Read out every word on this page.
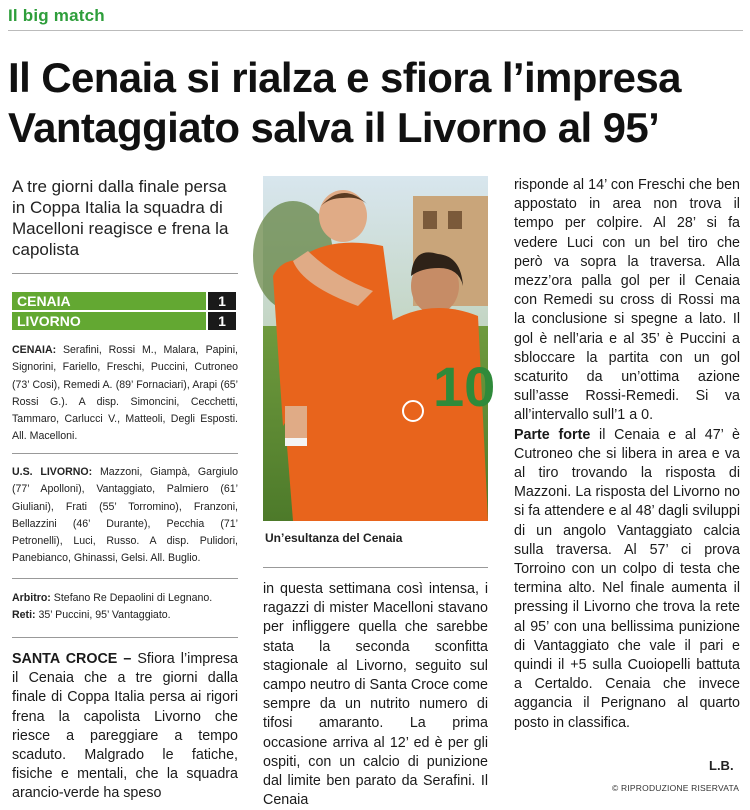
Il big match
Il Cenaia si rialza e sfiora l’impresa
Vantaggiato salva il Livorno al 95’
A tre giorni dalla finale persa in Coppa Italia la squadra di Macelloni reagisce e frena la capolista
CENAIA	1
LIVORNO	1
CENAIA: Serafini, Rossi M., Malara, Papini, Signorini, Fariello, Freschi, Puccini, Cutroneo (73’ Cosi), Remedi A. (89’ Fornaciari), Arapi (65’ Rossi G.). A disp. Simoncini, Cecchetti, Tammaro, Carlucci V., Matteoli, Degli Esposti. All. Macelloni.
U.S. LIVORNO: Mazzoni, Giampà, Gargiulo (77’ Apolloni), Vantaggiato, Palmiero (61’ Giuliani), Frati (55’ Torromino), Franzoni, Bellazzini (46’ Durante), Pecchia (71’ Petronelli), Luci, Russo. A disp. Pulidori, Panebianco, Ghinassi, Gelsi. All. Buglio.
Arbitro: Stefano Re Depaolini di Legnano.
Reti: 35’ Puccini, 95’ Vantaggiato.
SANTA CROCE – Sfiora l’impresa il Cenaia che a tre giorni dalla finale di Coppa Italia persa ai rigori frena la capolista Livorno che riesce a pareggiare a tempo scaduto. Malgrado le fatiche, fisiche e mentali, che la squadra arancio-verde ha speso
10
Un’esultanza del Cenaia
in questa settimana così intensa, i ragazzi di mister Macelloni stavano per infliggere quella che sarebbe stata la seconda sconfitta stagionale al Livorno, seguito sul campo neutro di Santa Croce come sempre da un nutrito numero di tifosi amaranto. La prima occasione arriva al 12’ ed è per gli ospiti, con un calcio di punizione dal limite ben parato da Serafini. Il Cenaia
risponde al 14’ con Freschi che ben appostato in area non trova il tempo per colpire. Al 28’ si fa vedere Luci con un bel tiro che però va sopra la traversa. Alla mezz’ora palla gol per il Cenaia con Remedi su cross di Rossi ma la conclusione si spegne a lato. Il gol è nell’aria e al 35’ è Puccini a sbloccare la partita con un gol scaturito da un’ottima azione sull’asse Rossi-Remedi. Si va all’intervallo sull’1 a 0.
Parte forte il Cenaia e al 47’ è Cutroneo che si libera in area e va al tiro trovando la risposta di Mazzoni. La risposta del Livorno no si fa attendere e al 48’ dagli sviluppi di un angolo Vantaggiato calcia sulla traversa. Al 57’ ci prova Torroino con un colpo di testa che termina alto. Nel finale aumenta il pressing il Livorno che trova la rete al 95’ con una bellissima punizione di Vantaggiato che vale il pari e quindi il +5 sulla Cuoiopelli battuta a Certaldo. Cenaia che invece aggancia il Perignano al quarto posto in classifica.
L.B.
© RIPRODUZIONE RISERVATA
